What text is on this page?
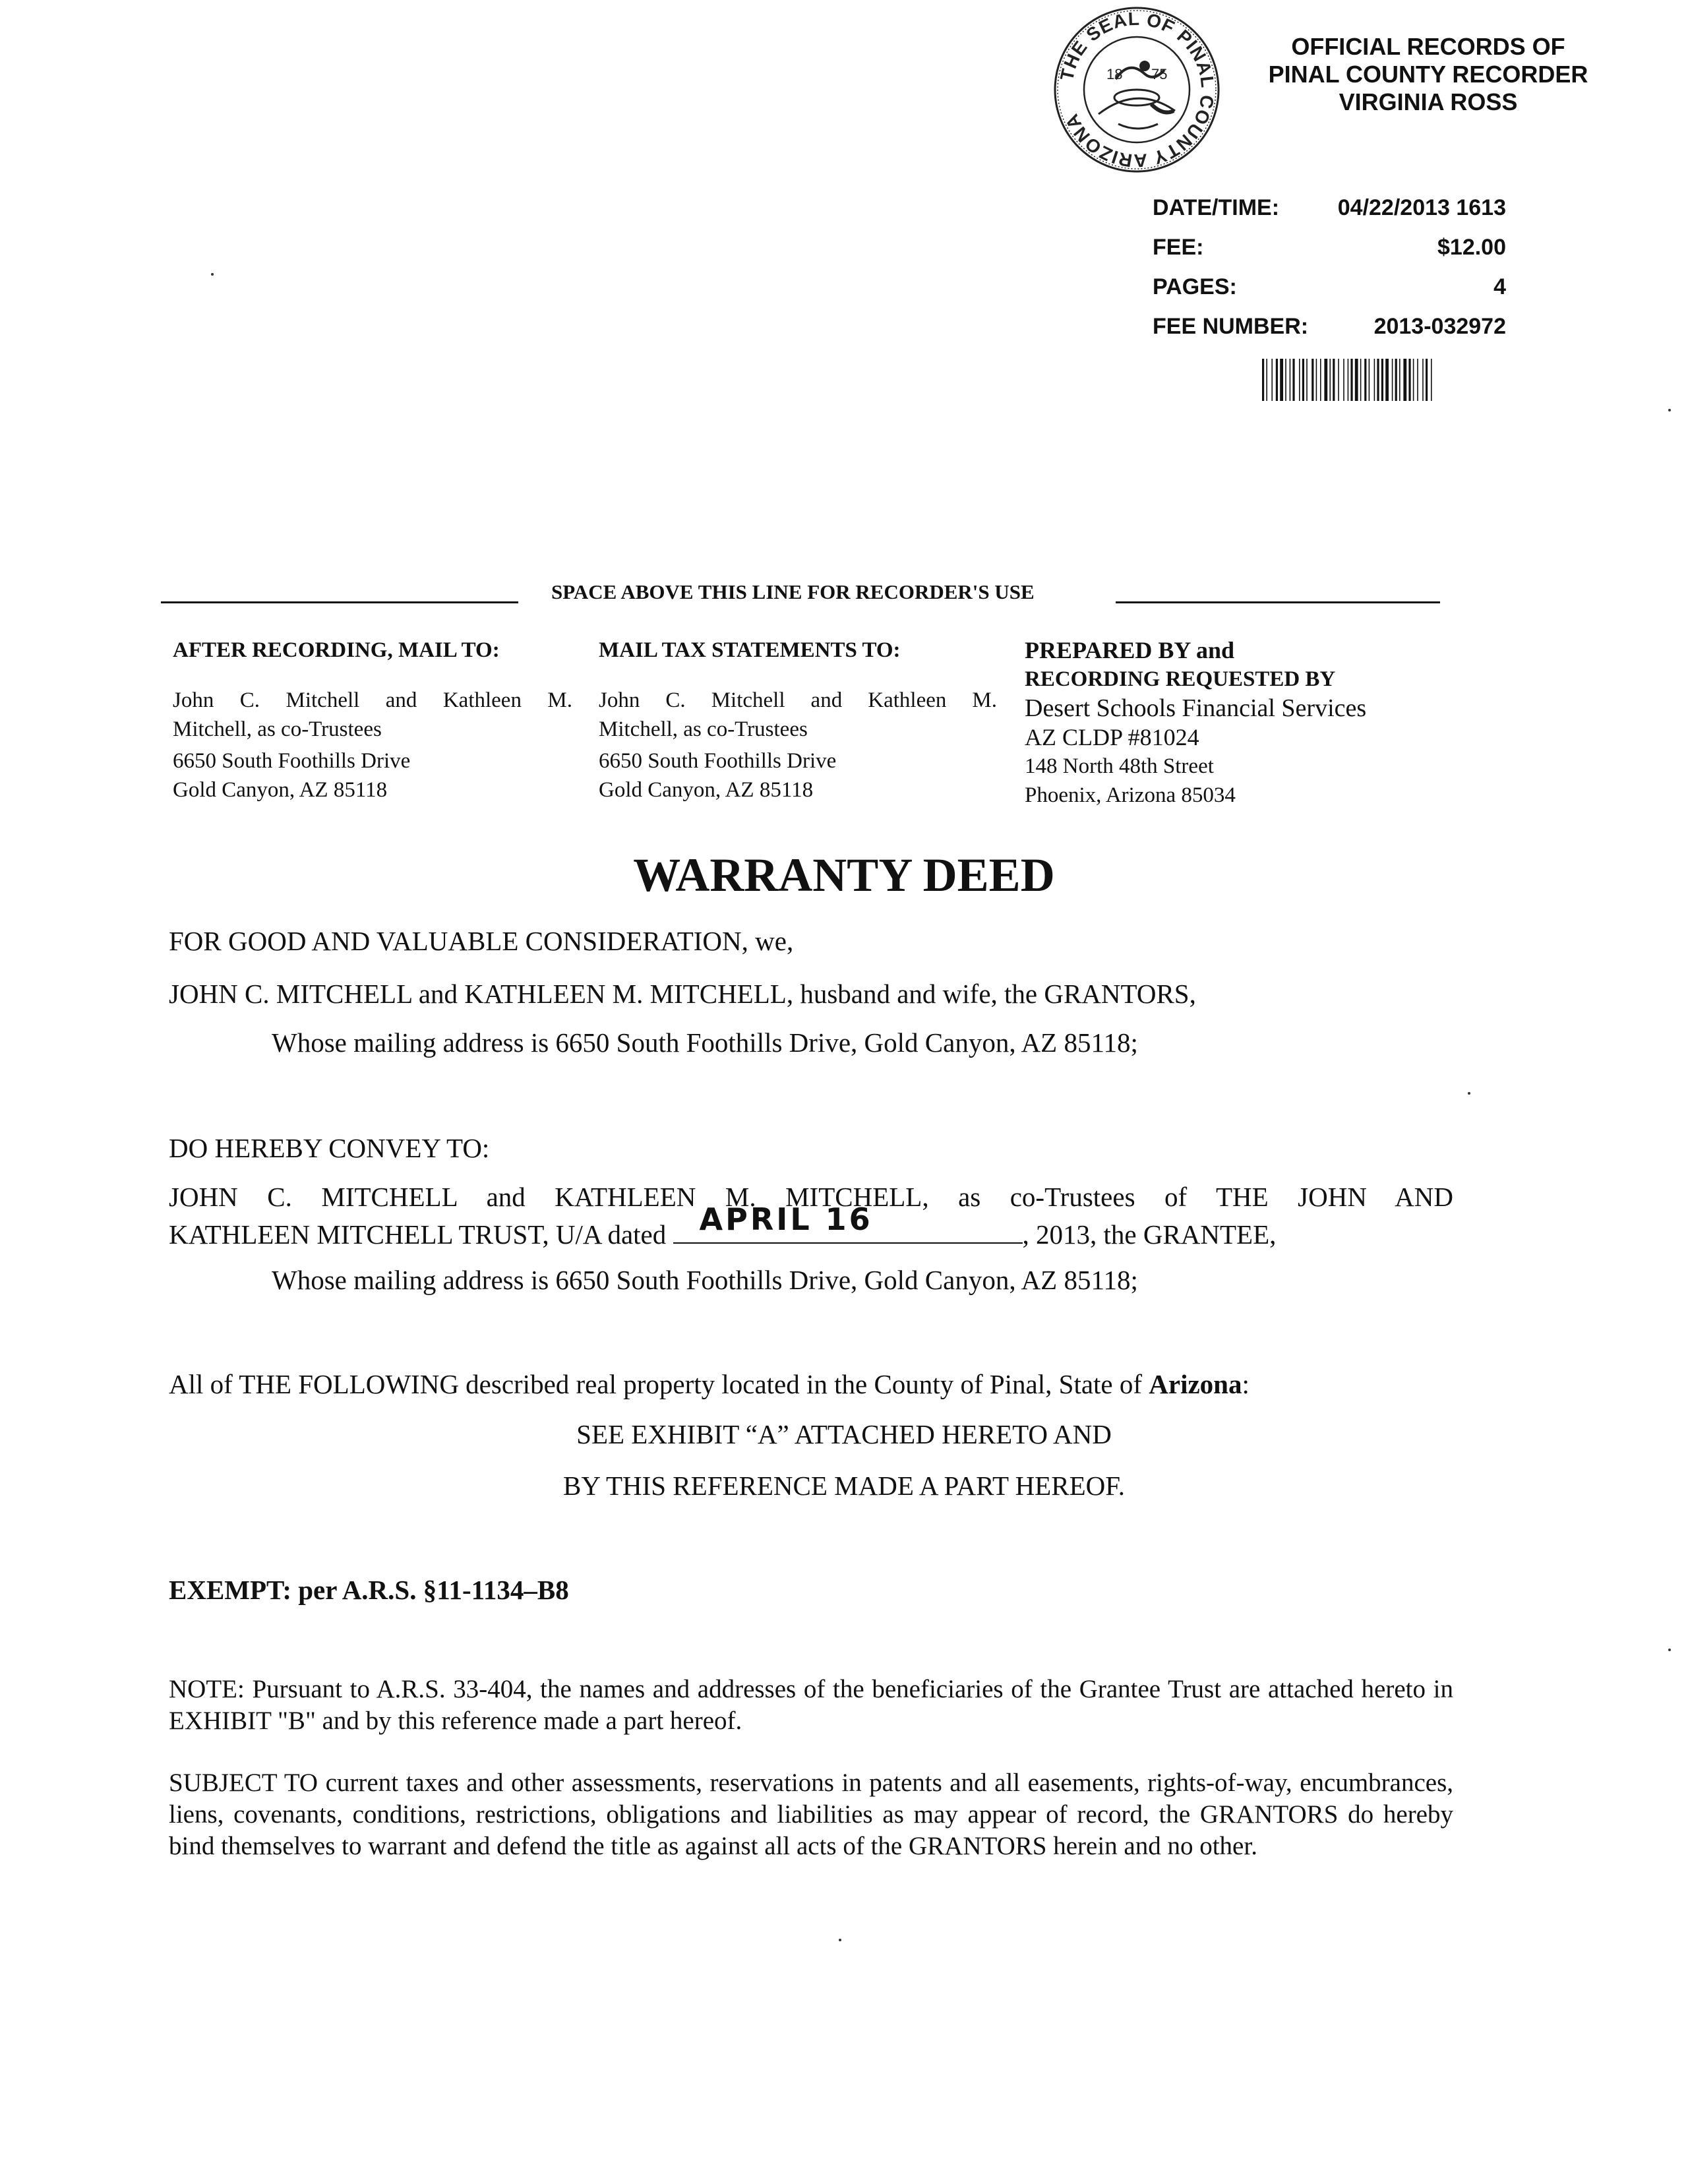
THE SEAL OF PINAL COUNTY ARIZONA
18 75
OFFICIAL RECORDS OF
PINAL COUNTY RECORDER
VIRGINIA ROSS
DATE/TIME:	04/22/2013 1613
FEE:	$12.00
PAGES:	4
FEE NUMBER:	2013-032972
SPACE ABOVE THIS LINE FOR RECORDER'S USE
AFTER RECORDING, MAIL TO:
John C. Mitchell and Kathleen M.
Mitchell, as co-Trustees
6650 South Foothills Drive
Gold Canyon, AZ 85118
MAIL TAX STATEMENTS TO:
John C. Mitchell and Kathleen M.
Mitchell, as co-Trustees
6650 South Foothills Drive
Gold Canyon, AZ 85118
PREPARED BY and
RECORDING REQUESTED BY
Desert Schools Financial Services
AZ CLDP #81024
148 North 48th Street
Phoenix, Arizona 85034
WARRANTY DEED
FOR GOOD AND VALUABLE CONSIDERATION, we,
JOHN C. MITCHELL and KATHLEEN M. MITCHELL, husband and wife, the GRANTORS,
Whose mailing address is 6650 South Foothills Drive, Gold Canyon, AZ 85118;
DO HEREBY CONVEY TO:
JOHN C. MITCHELL and KATHLEEN M. MITCHELL, as co-Trustees of THE JOHN AND
KATHLEEN MITCHELL TRUST, U/A dated APRIL 16	, 2013, the GRANTEE,
Whose mailing address is 6650 South Foothills Drive, Gold Canyon, AZ 85118;
All of THE FOLLOWING described real property located in the County of Pinal, State of Arizona:
SEE EXHIBIT “A” ATTACHED HERETO AND
BY THIS REFERENCE MADE A PART HEREOF.
EXEMPT: per A.R.S. §11-1134–B8
NOTE: Pursuant to A.R.S. 33-404, the names and addresses of the beneficiaries of the Grantee Trust are attached hereto in EXHIBIT "B" and by this reference made a part hereof.
SUBJECT TO current taxes and other assessments, reservations in patents and all easements, rights-of-way, encumbrances, liens, covenants, conditions, restrictions, obligations and liabilities as may appear of record, the GRANTORS do hereby bind themselves to warrant and defend the title as against all acts of the GRANTORS herein and no other.
